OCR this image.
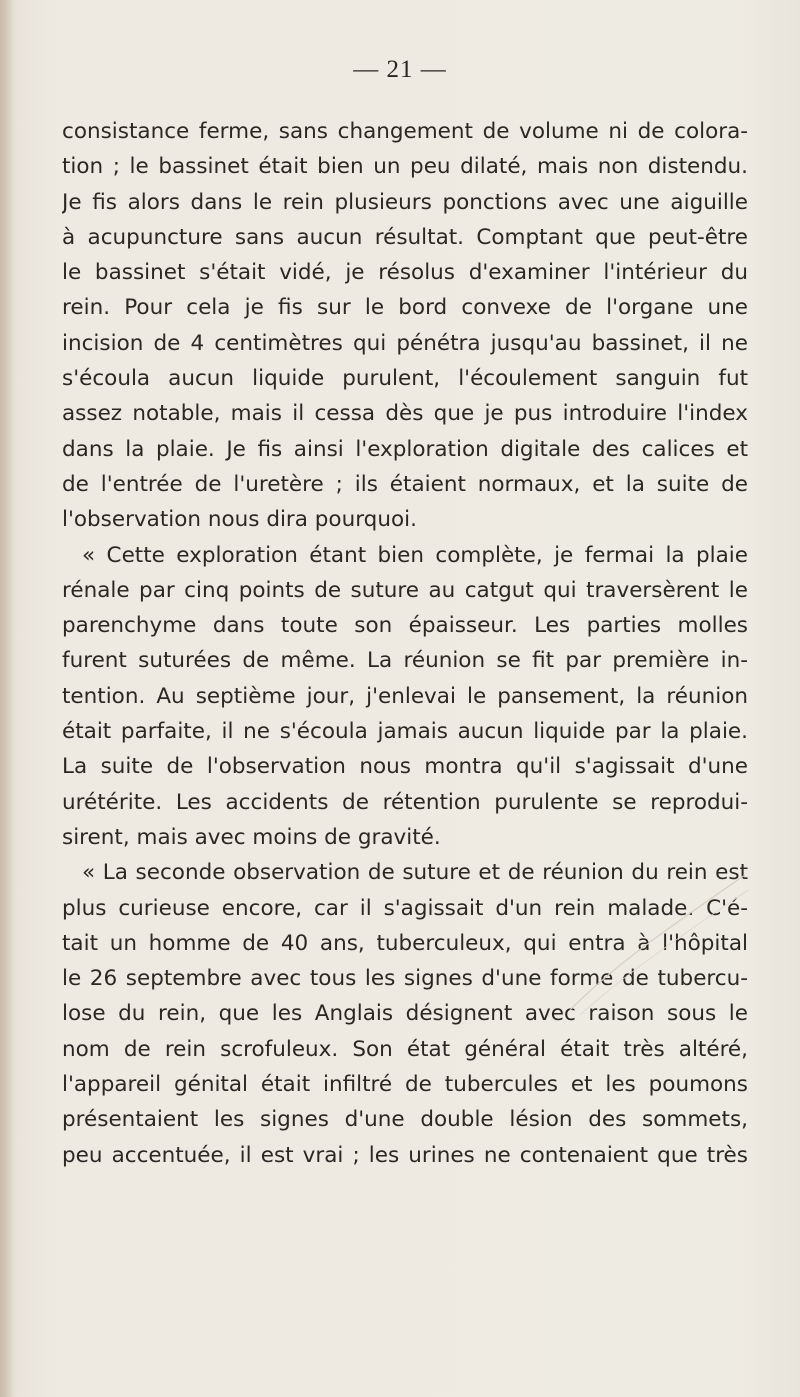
— 21 —
consistance ferme, sans changement de volume ni de colora-
tion ; le bassinet était bien un peu dilaté, mais non distendu.
Je fis alors dans le rein plusieurs ponctions avec une aiguille
à acupuncture sans aucun résultat. Comptant que peut-être
le bassinet s'était vidé, je résolus d'examiner l'intérieur du
rein. Pour cela je fis sur le bord convexe de l'organe une
incision de 4 centimètres qui pénétra jusqu'au bassinet, il ne
s'écoula aucun liquide purulent, l'écoulement sanguin fut
assez notable, mais il cessa dès que je pus introduire l'index
dans la plaie. Je fis ainsi l'exploration digitale des calices et
de l'entrée de l'uretère ; ils étaient normaux, et la suite de
l'observation nous dira pourquoi.
« Cette exploration étant bien complète, je fermai la plaie
rénale par cinq points de suture au catgut qui traversèrent le
parenchyme dans toute son épaisseur. Les parties molles
furent suturées de même. La réunion se fit par première in-
tention. Au septième jour, j'enlevai le pansement, la réunion
était parfaite, il ne s'écoula jamais aucun liquide par la plaie.
La suite de l'observation nous montra qu'il s'agissait d'une
urétérite. Les accidents de rétention purulente se reprodui-
sirent, mais avec moins de gravité.
« La seconde observation de suture et de réunion du rein est
plus curieuse encore, car il s'agissait d'un rein malade. C'é-
tait un homme de 40 ans, tuberculeux, qui entra à l'hôpital
le 26 septembre avec tous les signes d'une forme de tubercu-
lose du rein, que les Anglais désignent avec raison sous le
nom de rein scrofuleux. Son état général était très altéré,
l'appareil génital était infiltré de tubercules et les poumons
présentaient les signes d'une double lésion des sommets,
peu accentuée, il est vrai ; les urines ne contenaient que très
